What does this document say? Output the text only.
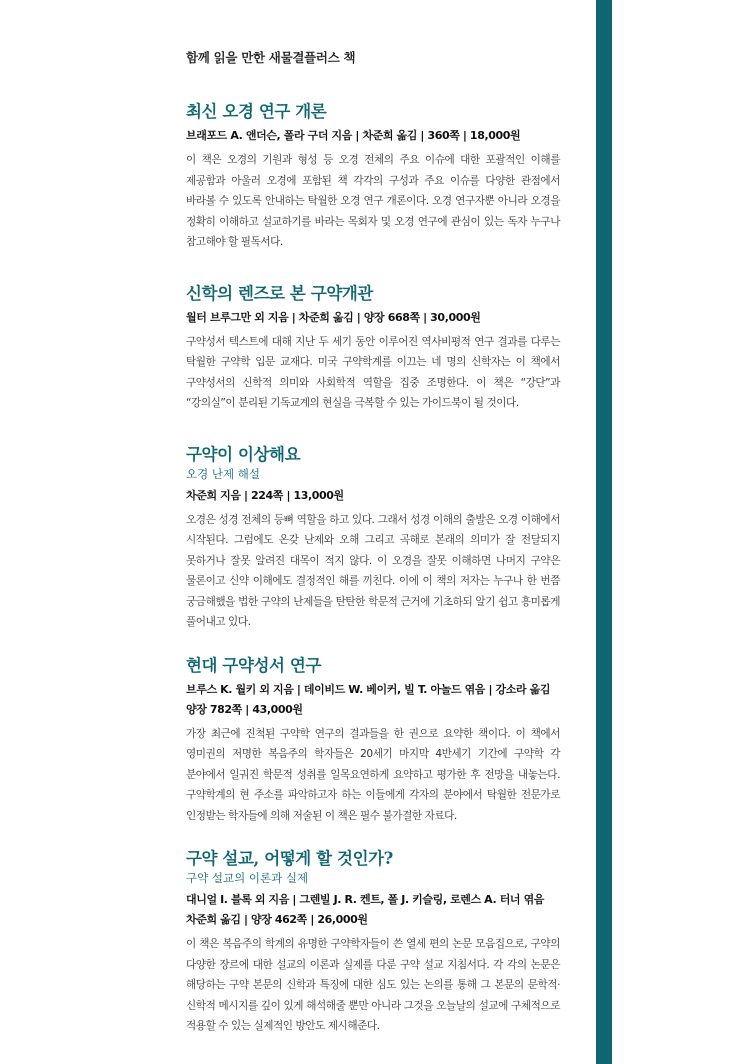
함께 읽을 만한 새물결플러스 책
최신 오경 연구 개론

브래포드 A. 앤더슨, 폴라 구더 지음 | 차준희 옮김 | 360쪽 | 18,000원

이 책은 오경의 기원과 형성 등 오경 전체의 주요 이슈에 대한 포괄적인 이해를 제공함과 아울러 오경에 포함된 책 각각의 구성과 주요 이슈를 다양한 관점에서 바라볼 수 있도록 안내하는 탁월한 오경 연구 개론이다. 오경 연구자뿐 아니라 오경을 정확히 이해하고 설교하기를 바라는 목회자 및 오경 연구에 관심이 있는 독자 누구나 참고해야 할 필독서다.

신학의 렌즈로 본 구약개관

월터 브루그만 외 지음 | 차준희 옮김 | 양장 668쪽 | 30,000원

구약성서 텍스트에 대해 지난 두 세기 동안 이루어진 역사비평적 연구 결과를 다루는 탁월한 구약학 입문 교재다. 미국 구약학계를 이끄는 네 명의 신학자는 이 책에서 구약성서의 신학적 의미와 사회학적 역할을 집중 조명한다. 이 책은 “강단”과 “강의실”이 분리된 기독교계의 현실을 극복할 수 있는 가이드북이 될 것이다.

구약이 이상해요

오경 난제 해설

차준희 지음 | 224쪽 | 13,000원

오경은 성경 전체의 등뼈 역할을 하고 있다. 그래서 성경 이해의 출발은 오경 이해에서 시작된다. 그럼에도 온갖 난제와 오해 그리고 곡해로 본래의 의미가 잘 전달되지 못하거나 잘못 알려진 대목이 적지 않다. 이 오경을 잘못 이해하면 나머지 구약은 물론이고 신약 이해에도 결정적인 해를 끼친다. 이에 이 책의 저자는 누구나 한 번쯤 궁금해했을 법한 구약의 난제들을 탄탄한 학문적 근거에 기초하되 알기 쉽고 흥미롭게 풀어내고 있다.

현대 구약성서 연구

브루스 K. 월키 외 지음 | 데이비드 W. 베이커, 빌 T. 아놀드 엮음 | 강소라 옮김

양장 782쪽 | 43,000원

가장 최근에 진척된 구약학 연구의 결과들을 한 권으로 요약한 책이다. 이 책에서 영미권의 저명한 복음주의 학자들은 20세기 마지막 4반세기 기간에 구약학 각 분야에서 일궈진 학문적 성취를 일목요연하게 요약하고 평가한 후 전망을 내놓는다. 구약학계의 현 주소를 파악하고자 하는 이들에게 각자의 분야에서 탁월한 전문가로 인정받는 학자들에 의해 저술된 이 책은 필수 불가결한 자료다.

구약 설교, 어떻게 할 것인가?

구약 설교의 이론과 실제

대니얼 I. 블록 외 지음 | 그렌빌 J. R. 켄트, 폴 J. 키슬링, 로렌스 A. 터너 엮음

차준희 옮김 | 양장 462쪽 | 26,000원

이 책은 복음주의 학계의 유명한 구약학자들이 쓴 열세 편의 논문 모음집으로, 구약의 다양한 장르에 대한 설교의 이론과 실제를 다룬 구약 설교 지침서다. 각 각의 논문은 해당하는 구약 본문의 신학과 특징에 대한 심도 있는 논의를 통해 그 본문의 문학적·신학적 메시지를 깊이 있게 해석해줄 뿐만 아니라 그것을 오늘날의 설교에 구체적으로 적용할 수 있는 실제적인 방안도 제시해준다.
